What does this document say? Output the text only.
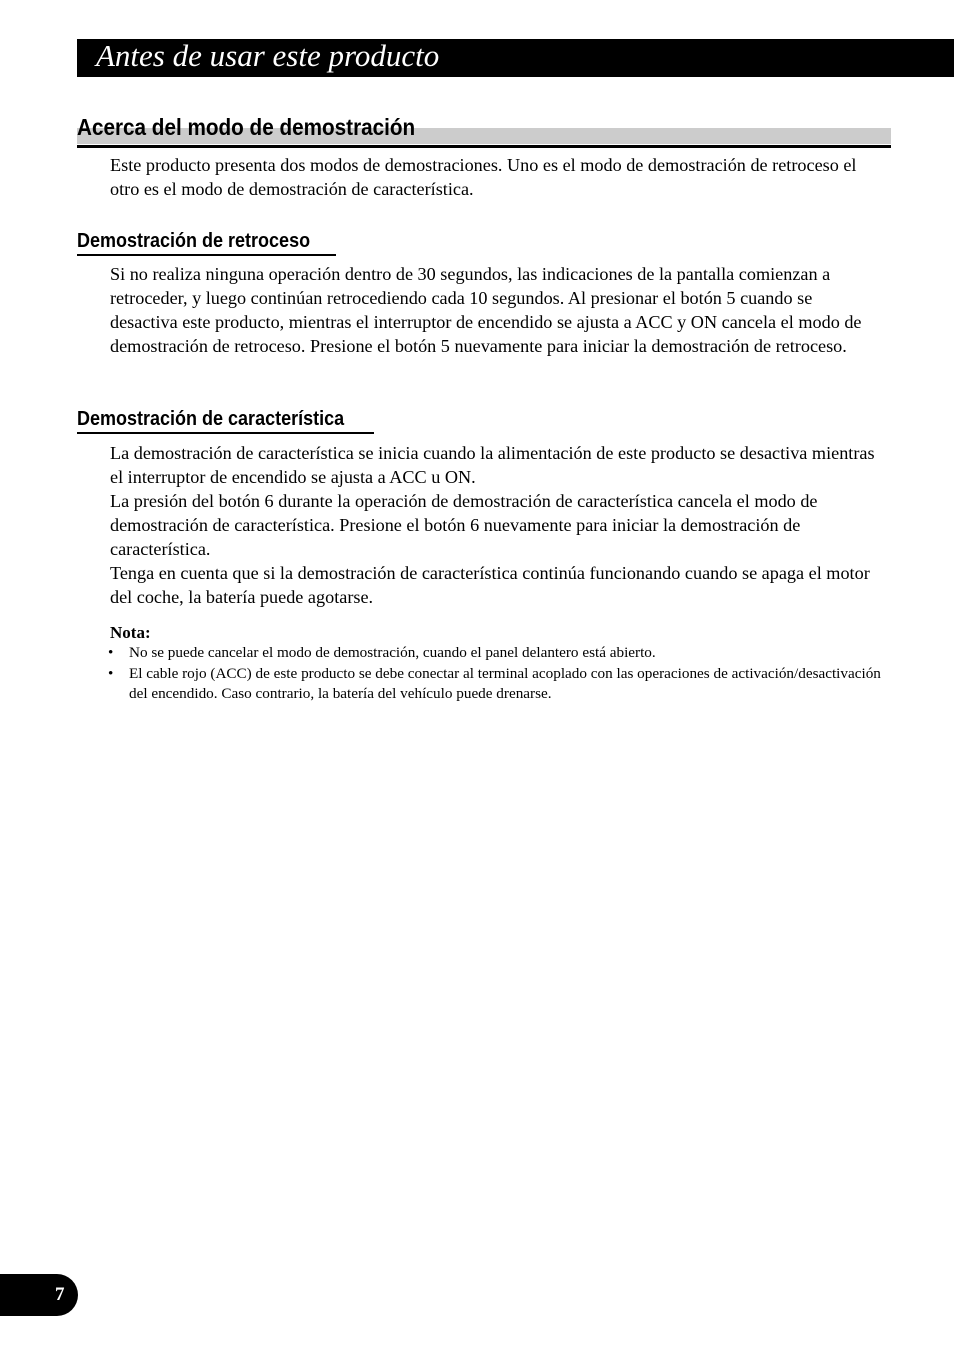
Antes de usar este producto
Acerca del modo de demostración

Este producto presenta dos modos de demostraciones. Uno es el modo de demostración de retroceso el otro es el modo de demostración de característica.

Demostración de retroceso

Si no realiza ninguna operación dentro de 30 segundos, las indicaciones de la pantalla comienzan a retroceder, y luego continúan retrocediendo cada 10 segundos. Al presionar el botón 5 cuando se desactiva este producto, mientras el interruptor de encendido se ajusta a ACC y ON cancela el modo de demostración de retroceso. Presione el botón 5 nuevamente para iniciar la demostración de retroceso.

Demostración de característica

La demostración de característica se inicia cuando la alimentación de este producto se desactiva mientras el interruptor de encendido se ajusta a ACC u ON.

La presión del botón 6 durante la operación de demostración de característica cancela el modo de demostración de característica. Presione el botón 6 nuevamente para iniciar la demostración de característica.

Tenga en cuenta que si la demostración de característica continúa funcionando cuando se apaga el motor del coche, la batería puede agotarse.

Nota:
• No se puede cancelar el modo de demostración, cuando el panel delantero está abierto.
• El cable rojo (ACC) de este producto se debe conectar al terminal acoplado con las operaciones de activación/desactivación del encendido. Caso contrario, la batería del vehículo puede drenarse.
7
